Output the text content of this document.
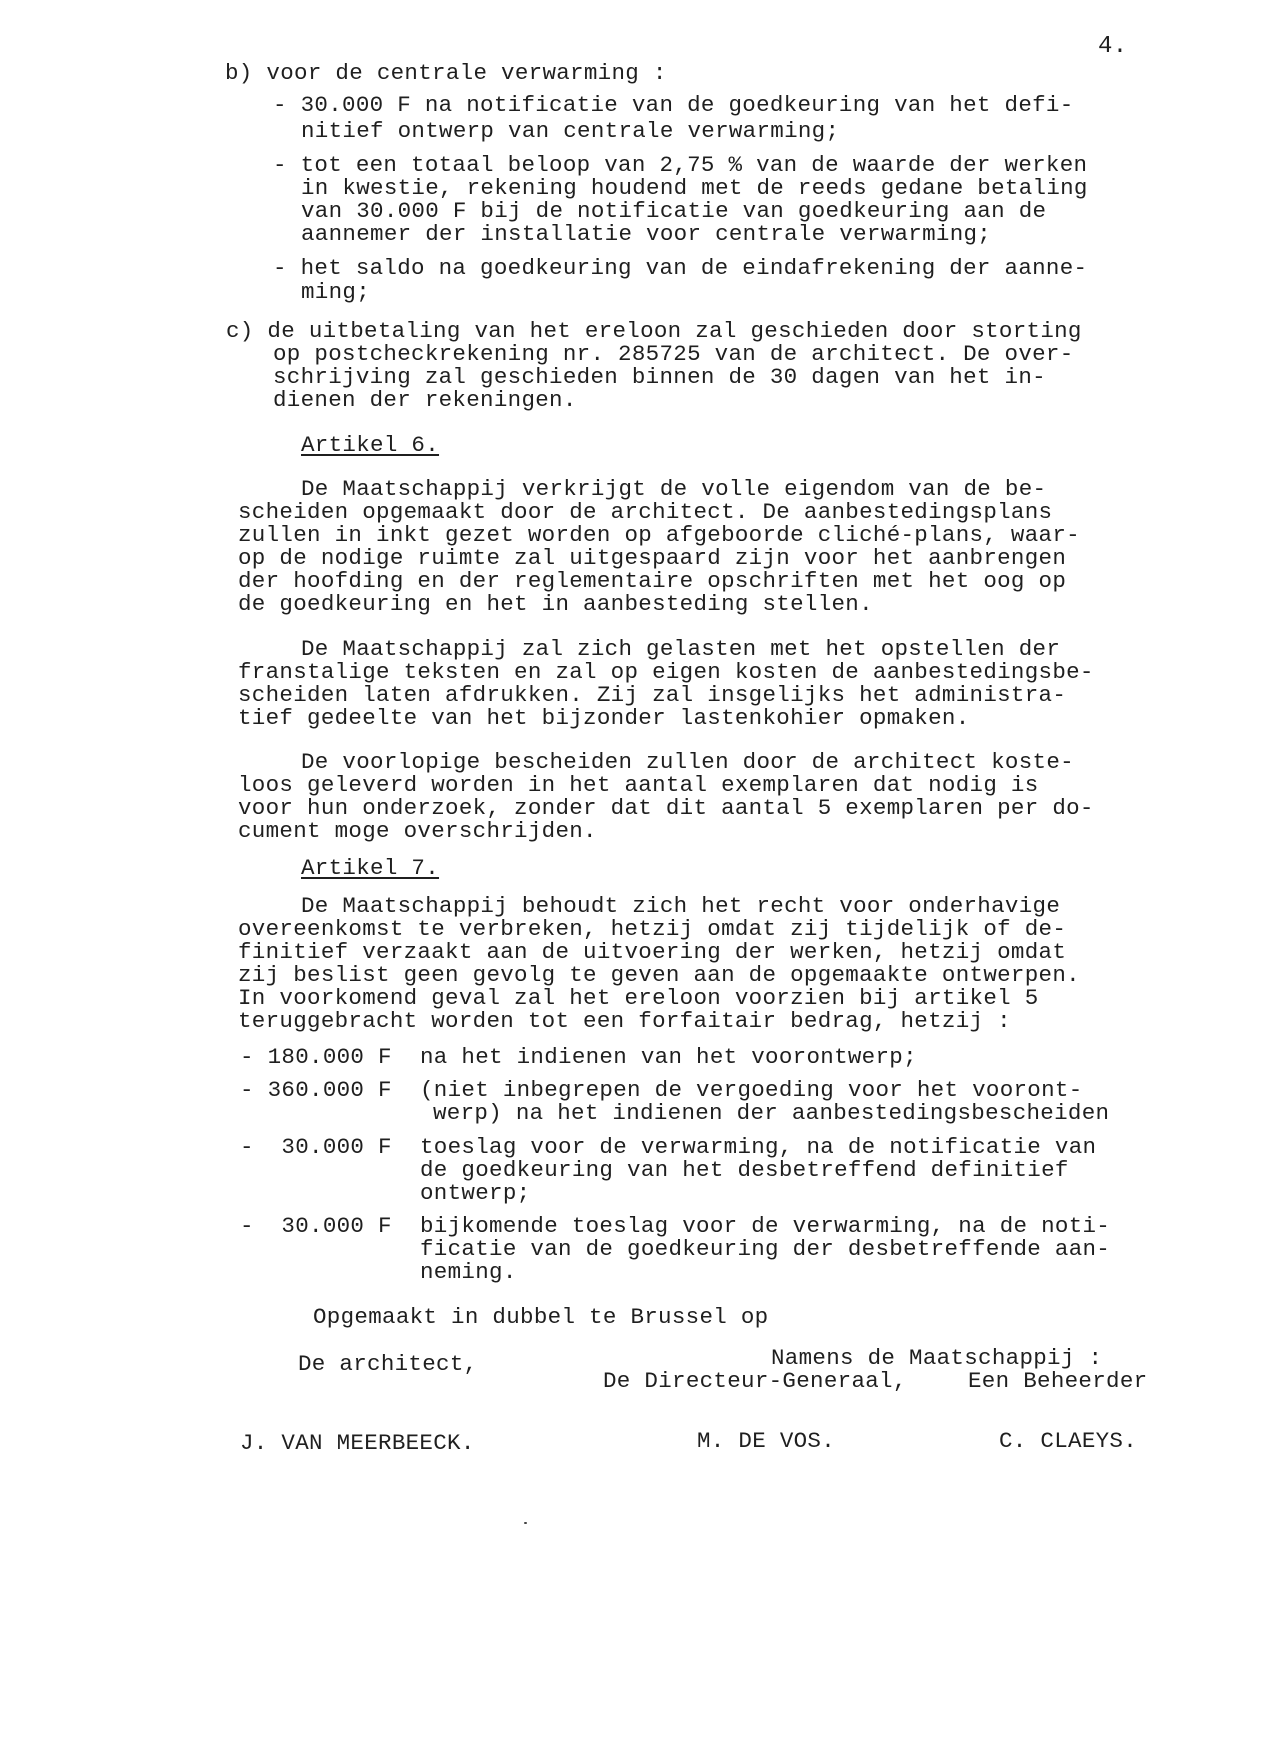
4.
b) voor de centrale verwarming :
- 30.000 F na notificatie van de goedkeuring van het defi-
nitief ontwerp van centrale verwarming;
- tot een totaal beloop van 2,75 % van de waarde der werken
in kwestie, rekening houdend met de reeds gedane betaling
van 30.000 F bij de notificatie van goedkeuring aan de
aannemer der installatie voor centrale verwarming;
- het saldo na goedkeuring van de eindafrekening der aanne-
ming;
c) de uitbetaling van het ereloon zal geschieden door storting
op postcheckrekening nr. 285725 van de architect. De over-
schrijving zal geschieden binnen de 30 dagen van het in-
dienen der rekeningen.
Artikel 6.
De Maatschappij verkrijgt de volle eigendom van de be-
scheiden opgemaakt door de architect. De aanbestedingsplans
zullen in inkt gezet worden op afgeboorde cliché-plans, waar-
op de nodige ruimte zal uitgespaard zijn voor het aanbrengen
der hoofding en der reglementaire opschriften met het oog op
de goedkeuring en het in aanbesteding stellen.
De Maatschappij zal zich gelasten met het opstellen der
franstalige teksten en zal op eigen kosten de aanbestedingsbe-
scheiden laten afdrukken. Zij zal insgelijks het administra-
tief gedeelte van het bijzonder lastenkohier opmaken.
De voorlopige bescheiden zullen door de architect koste-
loos geleverd worden in het aantal exemplaren dat nodig is
voor hun onderzoek, zonder dat dit aantal 5 exemplaren per do-
cument moge overschrijden.
Artikel 7.
De Maatschappij behoudt zich het recht voor onderhavige
overeenkomst te verbreken, hetzij omdat zij tijdelijk of de-
finitief verzaakt aan de uitvoering der werken, hetzij omdat
zij beslist geen gevolg te geven aan de opgemaakte ontwerpen.
In voorkomend geval zal het ereloon voorzien bij artikel 5
teruggebracht worden tot een forfaitair bedrag, hetzij :
- 180.000 F na het indienen van het voorontwerp;
- 360.000 F (niet inbegrepen de vergoeding voor het vooront-
werp) na het indienen der aanbestedingsbescheiden
-  30.000 F toeslag voor de verwarming, na de notificatie van
de goedkeuring van het desbetreffend definitief
ontwerp;
-  30.000 F bijkomende toeslag voor de verwarming, na de noti-
ficatie van de goedkeuring der desbetreffende aan-
neming.
Opgemaakt in dubbel te Brussel op
De architect,	Namens de Maatschappij :
De Directeur-Generaal,	Een Beheerder
J. VAN MEERBEECK.	M. DE VOS.	C. CLAEYS.
